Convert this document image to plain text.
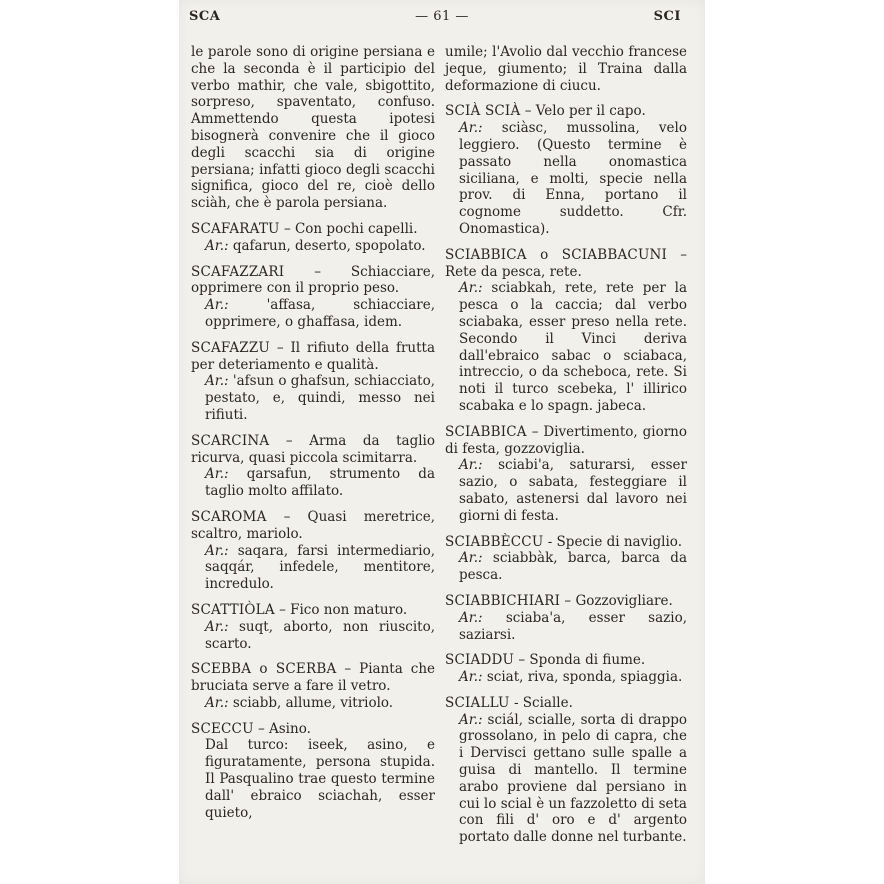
SCA	— 61 —	SCI

le parole sono di origine persiana e che la seconda è il participio del verbo mathir, che vale, sbigottito, sorpreso, spaventato, confuso. Ammettendo questa ipotesi bisognerà convenire che il gioco degli scacchi sia di origine persiana; infatti gioco degli scacchi significa, gioco del re, cioè dello sciàh, che è parola persiana.

SCAFARATU – Con pochi capelli.

Ar.: qafarun, deserto, spopolato.

SCAFAZZARI – Schiacciare, opprimere con il proprio peso.

Ar.:	'affasa, schiacciare, opprimere, o ghaffasa, idem.

SCAFAZZU – Il rifiuto della frutta per deteriamento e qualità.

Ar.: 'afsun o ghafsun, schiacciato, pestato, e, quindi, messo nei rifiuti.

SCARCINA – Arma da taglio ricurva, quasi piccola scimitarra.

Ar.: qarsafun, strumento da taglio molto affilato.

SCAROMA – Quasi meretrice, scaltro, mariolo.

Ar.: saqara, farsi intermediario, saqqár, infedele, mentitore, incredulo.

SCATTIÒLA – Fico non maturo.

Ar.: suqt, aborto, non riuscito, scarto.

SCEBBA o SCERBA – Pianta che bruciata serve a fare il vetro.

Ar.: sciabb, allume, vitriolo.

SCECCU – Asino.

Dal turco: iseek, asino, e figuratamente, persona stupida. Il Pasqualino trae questo termine dall' ebraico sciachah, esser quieto,

umile; l'Avolio dal vecchio francese jeque, giumento; il Traina dalla deformazione di ciucu.

SCIÀ SCIÀ – Velo per il capo.

Ar.: sciàsc, mussolina, velo leggiero. (Questo termine è passato nella onomastica siciliana, e molti, specie nella prov. di Enna, portano il cognome suddetto. Cfr. Onomastica).

SCIABBICA o SCIABBACUNI – Rete da pesca, rete.

Ar.: sciabkah, rete, rete per la pesca o la caccia; dal verbo sciabaka, esser preso nella rete. Secondo il Vinci deriva dall'ebraico sabac o sciabaca, intreccio, o da scheboca, rete. Si noti il turco scebeka, l' illirico scabaka e lo spagn. jabeca.

SCIABBICA – Divertimento, giorno di festa, gozzoviglia.

Ar.: sciabi'a, saturarsi, esser sazio, o sabata, festeggiare il sabato, astenersi dal lavoro nei giorni di festa.

SCIABBÈCCU - Specie di naviglio.

Ar.: sciabbàk, barca, barca da pesca.

SCIABBICHIARI – Gozzovigliare.

Ar.: sciaba'a, esser sazio, saziarsi.

SCIADDU – Sponda di fiume.

Ar.: sciat, riva, sponda, spiaggia.

SCIALLU - Scialle.

Ar.: sciál, scialle, sorta di drappo grossolano, in pelo di capra, che i Dervisci gettano sulle spalle a guisa di mantello. Il termine arabo proviene dal persiano in cui lo scial è un fazzoletto di seta con fili d' oro e d' argento portato dalle donne nel turbante.
